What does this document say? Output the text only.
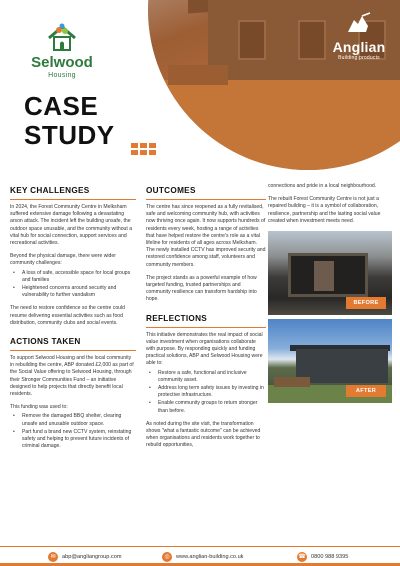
Selwood
Housing
Anglian
Building products
CASE
STUDY
KEY CHALLENGES

In 2024, the Forest Community Centre in Melksham suffered extensive damage following a devastating arson attack. The incident left the building unsafe, the outdoor space unusable, and the community without a vital hub for social connection, support services and recreational activities.

Beyond the physical damage, there were wider community challenges:

• A loss of safe, accessible space for local groups and families
• Heightened concerns around security and vulnerability to further vandalism

The need to restore confidence so the centre could resume delivering essential activities such as food distribution, community clubs and social events.

ACTIONS TAKEN

To support Selwood Housing and the local community in rebuilding the centre, ABP donated £2,000 as part of the Social Value offering to Selwood Housing, through their Stronger Communities Fund – an initiative designed to help projects that directly benefit local residents.

This funding was used to:

• Remove the damaged BBQ shelter, clearing unsafe and unusable outdoor space.
• Part fund a brand new CCTV system, reinstating safety and helping to prevent future incidents of criminal damage.
OUTCOMES

The centre has since reopened as a fully revitalised, safe and welcoming community hub, with activities now thriving once again. It now supports hundreds of residents every week, hosting a range of activities that have helped restore the centre's role as a vital lifeline for residents of all ages across Melksham. The newly installed CCTV has improved security and restored confidence among staff, volunteers and community members.

The project stands as a powerful example of how targeted funding, trusted partnerships and community resilience can transform hardship into hope.

REFLECTIONS

This initiative demonstrates the real impact of social value investment when organisations collaborate with purpose. By responding quickly and funding practical solutions, ABP and Selwood Housing were able to:

• Restore a safe, functional and inclusive community asset.
• Address long term safety issues by investing in protective infrastructure.
• Enable community groups to return stronger than before.

As noted during the site visit, the transformation shows "what a fantastic outcome" can be achieved when organisations and residents work together to rebuild opportunities,

connections and pride in a local neighbourhood.

The rebuilt Forest Community Centre is not just a repaired building – it is a symbol of collaboration, resilience, partnership and the lasting social value created when investment meets need.

BEFORE
AFTER
✉	abp@angliangroup.com	◎	www.anglian-building.co.uk	☎ 0800 988 9395
